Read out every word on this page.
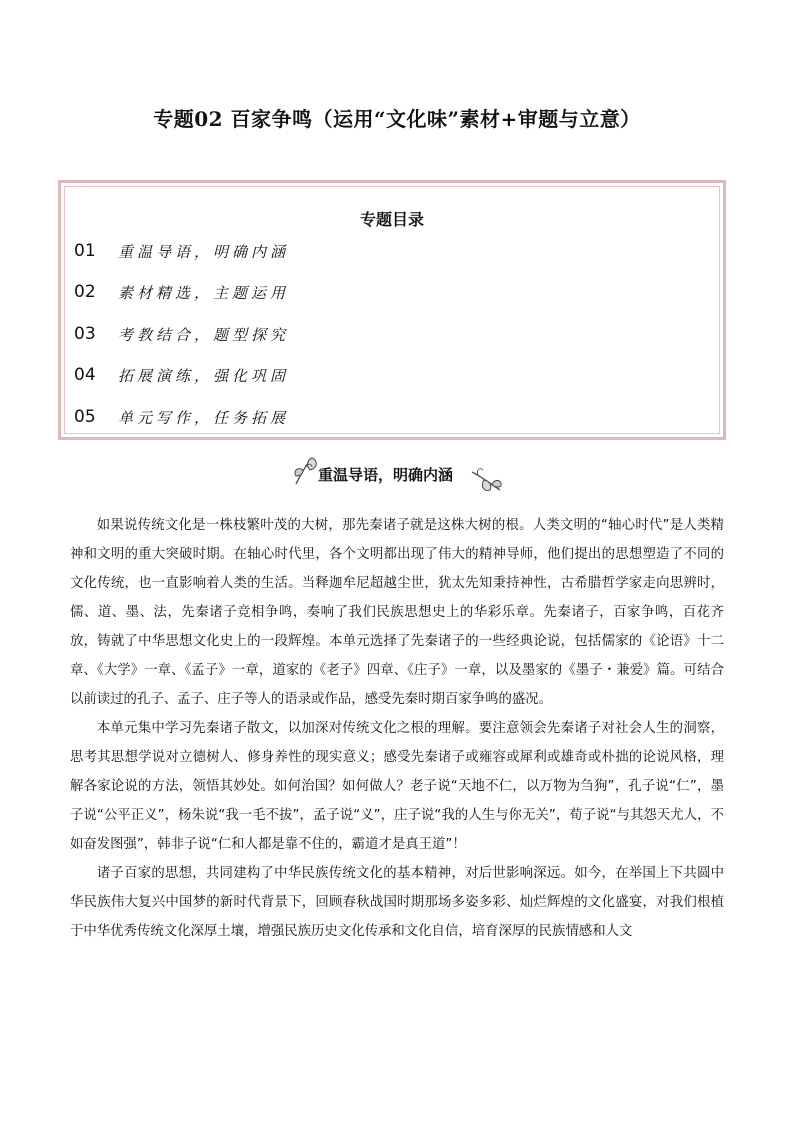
专题02 百家争鸣（运用“文化味”素材+审题与立意）
专题目录
01	重温导语，明确内涵
02	素材精选，主题运用
03	考教结合，题型探究
04	拓展演练，强化巩固
05	单元写作，任务拓展
重温导语，明确内涵

如果说传统文化是一株枝繁叶茂的大树，那先秦诸子就是这株大树的根。人类文明的“轴心时代”是人类精神和文明的重大突破时期。在轴心时代里，各个文明都出现了伟大的精神导师，他们提出的思想塑造了不同的文化传统，也一直影响着人类的生活。当释迦牟尼超越尘世，犹太先知秉持神性，古希腊哲学家走向思辨时，儒、道、墨、法，先秦诸子竞相争鸣，奏响了我们民族思想史上的华彩乐章。先秦诸子，百家争鸣，百花齐放，铸就了中华思想文化史上的一段辉煌。本单元选择了先秦诸子的一些经典论说，包括儒家的《论语》十二章、《大学》一章、《孟子》一章，道家的《老子》四章、《庄子》一章，以及墨家的《墨子・兼爱》篇。可结合以前读过的孔子、孟子、庄子等人的语录或作品，感受先秦时期百家争鸣的盛况。

本单元集中学习先秦诸子散文，以加深对传统文化之根的理解。要注意领会先秦诸子对社会人生的洞察，思考其思想学说对立德树人、修身养性的现实意义；感受先秦诸子或雍容或犀利或雄奇或朴拙的论说风格，理解各家论说的方法，领悟其妙处。如何治国？如何做人？老子说“天地不仁，以万物为刍狗”，孔子说“仁”，墨子说“公平正义”，杨朱说“我一毛不拔”，孟子说“义”，庄子说“我的人生与你无关”，荀子说“与其怨天尤人，不如奋发图强”，韩非子说“仁和人都是靠不住的，霸道才是真王道”！

诸子百家的思想，共同建构了中华民族传统文化的基本精神，对后世影响深远。如今，在举国上下共圆中华民族伟大复兴中国梦的新时代背景下，回顾春秋战国时期那场多姿多彩、灿烂辉煌的文化盛宴，对我们根植于中华优秀传统文化深厚土壤，增强民族历史文化传承和文化自信，培育深厚的民族情感和人文
